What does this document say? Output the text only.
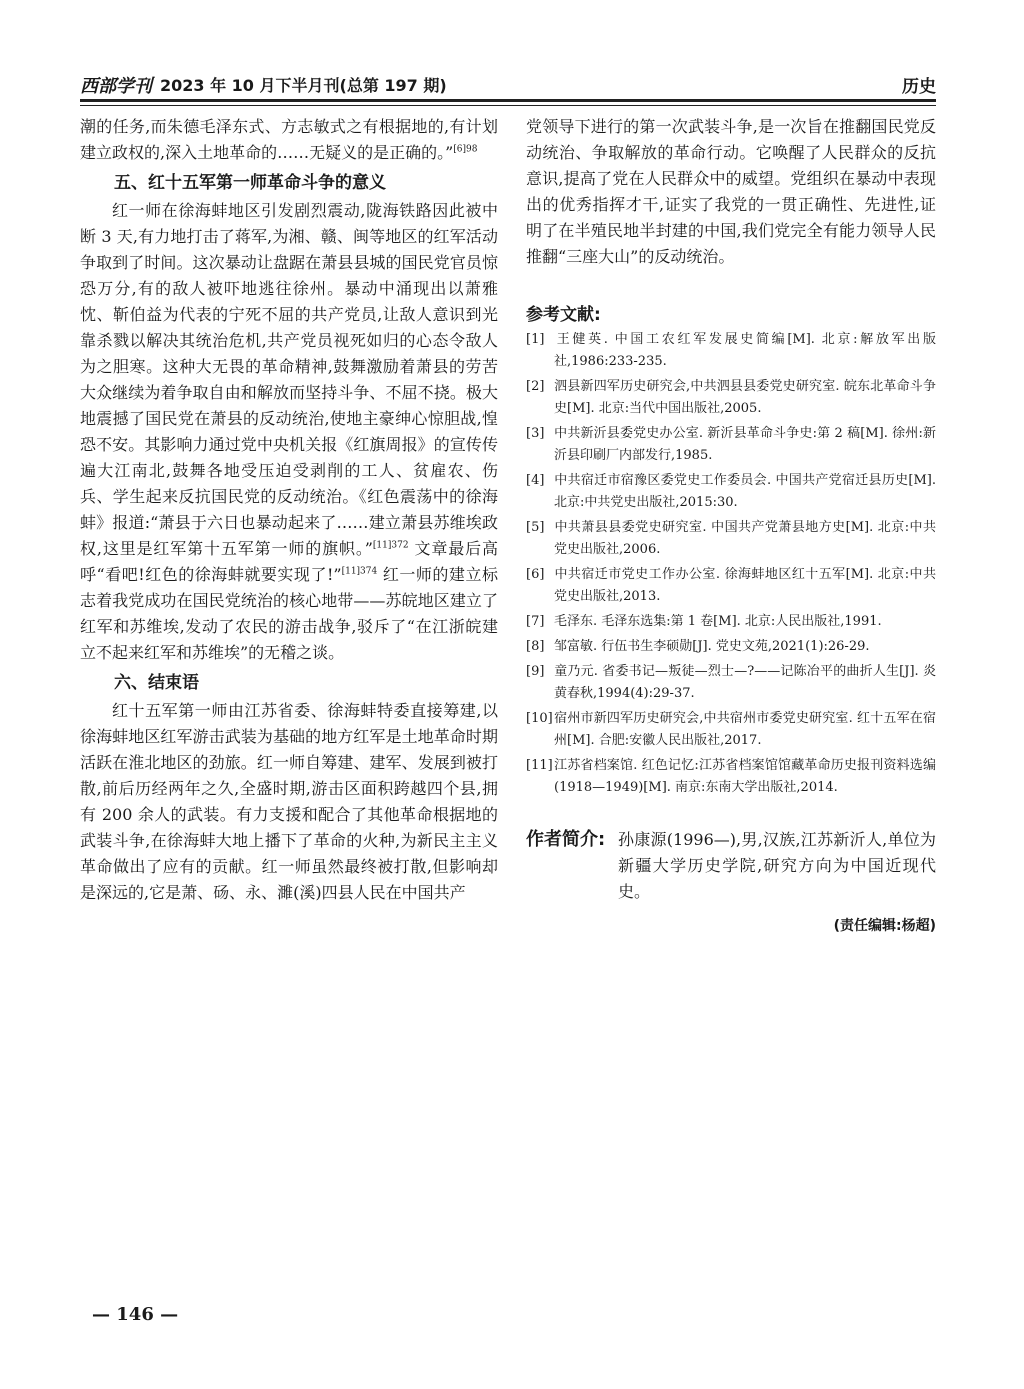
西部学刊 2023 年 10 月下半月刊(总第 197 期)	历史

潮的任务,而朱德毛泽东式、方志敏式之有根据地的,有计划建立政权的,深入土地革命的……无疑义的是正确的。”$^{[6]98}$

五、红十五军第一师革命斗争的意义

红一师在徐海蚌地区引发剧烈震动,陇海铁路因此被中断 3 天,有力地打击了蒋军,为湘、赣、闽等地区的红军活动争取到了时间。这次暴动让盘踞在萧县县城的国民党官员惊恐万分,有的敌人被吓地逃往徐州。暴动中涌现出以萧雅忱、靳伯益为代表的宁死不屈的共产党员,让敌人意识到光靠杀戮以解决其统治危机,共产党员视死如归的心态令敌人为之胆寒。这种大无畏的革命精神,鼓舞激励着萧县的劳苦大众继续为着争取自由和解放而坚持斗争、不屈不挠。极大地震撼了国民党在萧县的反动统治,使地主豪绅心惊胆战,惶恐不安。其影响力通过党中央机关报《红旗周报》的宣传传遍大江南北,鼓舞各地受压迫受剥削的工人、贫雇农、伤兵、学生起来反抗国民党的反动统治。《红色震荡中的徐海蚌》报道:“萧县于六日也暴动起来了……建立萧县苏维埃政权,这里是红军第十五军第一师的旗帜。”$^{[11]372}$ 文章最后高呼“看吧!红色的徐海蚌就要实现了!”$^{[11]374}$ 红一师的建立标志着我党成功在国民党统治的核心地带——苏皖地区建立了红军和苏维埃,发动了农民的游击战争,驳斥了“在江浙皖建立不起来红军和苏维埃”的无稽之谈。

六、结束语

红十五军第一师由江苏省委、徐海蚌特委直接筹建,以徐海蚌地区红军游击武装为基础的地方红军是土地革命时期活跃在淮北地区的劲旅。红一师自筹建、建军、发展到被打散,前后历经两年之久,全盛时期,游击区面积跨越四个县,拥有 200 余人的武装。有力支援和配合了其他革命根据地的武装斗争,在徐海蚌大地上播下了革命的火种,为新民主主义革命做出了应有的贡献。红一师虽然最终被打散,但影响却是深远的,它是萧、砀、永、濉(溪)四县人民在中国共产

党领导下进行的第一次武装斗争,是一次旨在推翻国民党反动统治、争取解放的革命行动。它唤醒了人民群众的反抗意识,提高了党在人民群众中的威望。党组织在暴动中表现出的优秀指挥才干,证实了我党的一贯正确性、先进性,证明了在半殖民地半封建的中国,我们党完全有能力领导人民推翻“三座大山”的反动统治。

参考文献:

[1] 王健英. 中国工农红军发展史简编[M]. 北京:解放军出版社,1986:233-235.

[2] 泗县新四军历史研究会,中共泗县县委党史研究室. 皖东北革命斗争史[M]. 北京:当代中国出版社,2005.

[3] 中共新沂县委党史办公室. 新沂县革命斗争史:第 2 稿[M]. 徐州:新沂县印刷厂内部发行,1985.

[4] 中共宿迁市宿豫区委党史工作委员会. 中国共产党宿迁县历史[M]. 北京:中共党史出版社,2015:30.

[5] 中共萧县县委党史研究室. 中国共产党萧县地方史[M]. 北京:中共党史出版社,2006.

[6] 中共宿迁市党史工作办公室. 徐海蚌地区红十五军[M]. 北京:中共党史出版社,2013.

[7] 毛泽东. 毛泽东选集:第 1 卷[M]. 北京:人民出版社,1991.

[8] 邹富敏. 行伍书生李硕勋[J]. 党史文苑,2021(1):26-29.

[9] 童乃元. 省委书记—叛徒—烈士—?——记陈冶平的曲折人生[J]. 炎黄春秋,1994(4):29-37.

[10]宿州市新四军历史研究会,中共宿州市委党史研究室. 红十五军在宿州[M]. 合肥:安徽人民出版社,2017.

[11]江苏省档案馆. 红色记忆:江苏省档案馆馆藏革命历史报刊资料选编(1918—1949)[M]. 南京:东南大学出版社,2014.

作者简介: 孙康源(1996—),男,汉族,江苏新沂人,单位为新疆大学历史学院,研究方向为中国近现代史。
(责任编辑:杨超)
— 146 —
